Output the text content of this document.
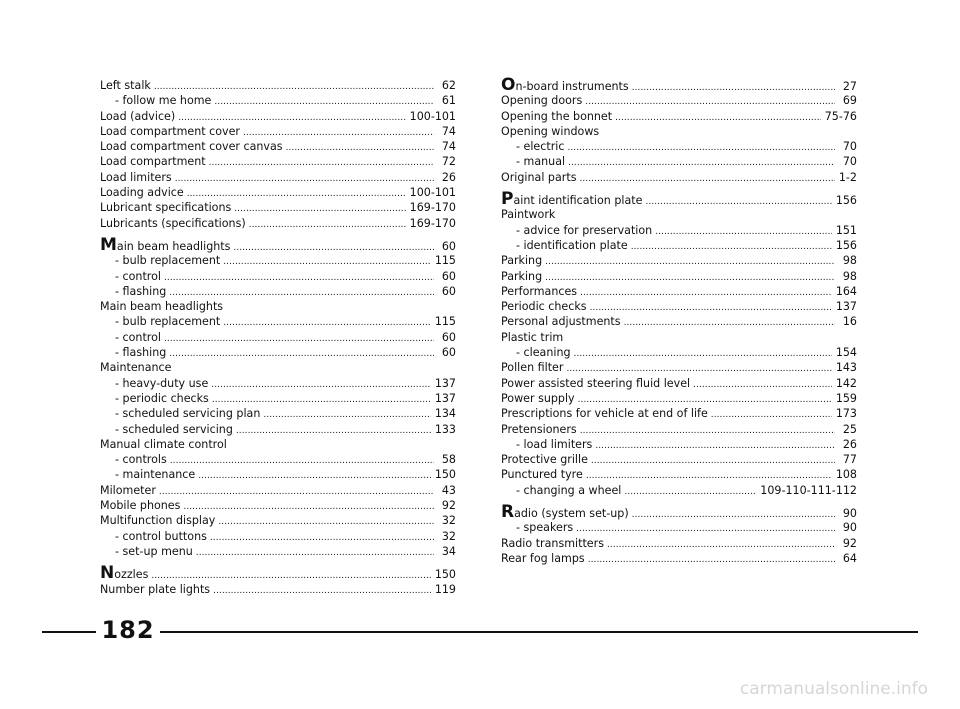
Left stalk . . .	62
- follow me home . . .	61
Load (advice) . . .	100-101
Load compartment cover . . .	74
Load compartment cover canvas . . .	74
Load compartment . . .	72
Load limiters . . .	26
Loading advice . . .	100-101
Lubricant specifications . . .	169-170
Lubricants (specifications) . . .	169-170
Main beam headlights . . .	60
- bulb replacement . . .	115
- control . . .	60
- flashing . . .	60
Main beam headlights
- bulb replacement . . .	115
- control . . .	60
- flashing . . .	60
Maintenance
- heavy-duty use . . .	137
- periodic checks . . .	137
- scheduled servicing plan . . .	134
- scheduled servicing . . .	133
Manual climate control
- controls . . .	58
- maintenance . . .	150
Milometer . . .	43
Mobile phones . . .	92
Multifunction display . . .	32
- control buttons . . .	32
- set-up menu . . .	34
Nozzles . . .	150
Number plate lights . . .	119
On-board instruments . . .	27
Opening doors . . .	69
Opening the bonnet . . .	75-76
Opening windows
- electric . . .	70
- manual . . .	70
Original parts . . .	1-2
Paint identification plate . . .	156
Paintwork
- advice for preservation . . .	151
- identification plate . . .	156
Parking . . .	98
Parking . . .	98
Performances . . .	164
Periodic checks . . .	137
Personal adjustments . . .	16
Plastic trim
- cleaning . . .	154
Pollen filter . . .	143
Power assisted steering fluid level . . .	142
Power supply . . .	159
Prescriptions for vehicle at end of life . . .	173
Pretensioners . . .	25
- load limiters . . .	26
Protective grille . . .	77
Punctured tyre . . .	108
- changing a wheel . . .	109-110-111-112
Radio (system set-up) . . .	90
- speakers . . .	90
Radio transmitters . . .	92
Rear fog lamps . . .	64
182
carmanualsonline.info
